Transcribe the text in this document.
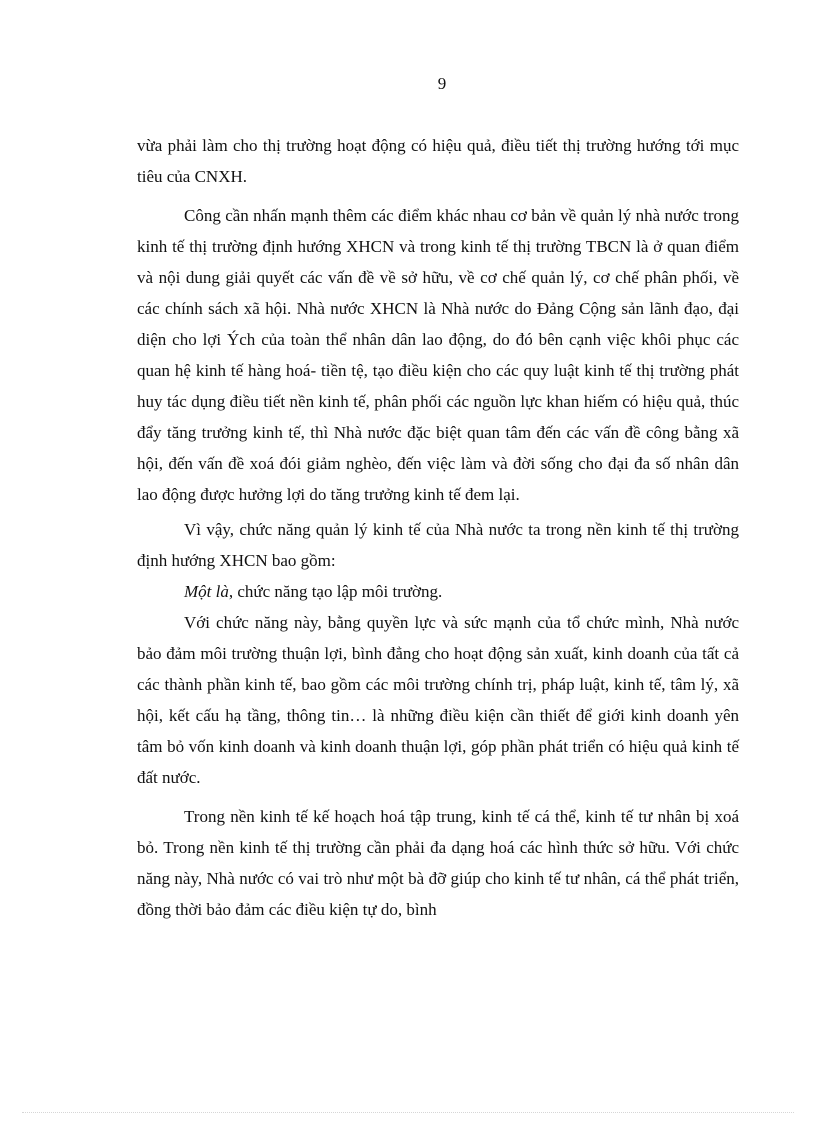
9

vừa phải làm cho thị trường hoạt động có hiệu quả, điều tiết thị trường hướng tới mục tiêu của CNXH.

Công cần nhấn mạnh thêm các điểm khác nhau cơ bản về quản lý nhà nước trong kinh tế thị trường định hướng XHCN và trong kinh tế thị trường TBCN là ở quan điểm và nội dung giải quyết các vấn đề về sở hữu, về cơ chế quản lý, cơ chế phân phối, về các chính sách xã hội. Nhà nước XHCN là Nhà nước do Đảng Cộng sản lãnh đạo, đại diện cho lợi Ých của toàn thể nhân dân lao động, do đó bên cạnh việc khôi phục các quan hệ kinh tế hàng hoá- tiền tệ, tạo điều kiện cho các quy luật kinh tế thị trường phát huy tác dụng điều tiết nền kinh tế, phân phối các nguồn lực khan hiếm có hiệu quả, thúc đẩy tăng trưởng kinh tế, thì Nhà nước đặc biệt quan tâm đến các vấn đề công bằng xã hội, đến vấn đề xoá đói giảm nghèo, đến việc làm và đời sống cho đại đa số nhân dân lao động được hưởng lợi do tăng trưởng kinh tế đem lại.

Vì vậy, chức năng quản lý kinh tế của Nhà nước ta trong nền kinh tế thị trường định hướng XHCN bao gồm:

Một là, chức năng tạo lập môi trường.

Với chức năng này, bằng quyền lực và sức mạnh của tổ chức mình, Nhà nước bảo đảm môi trường thuận lợi, bình đẳng cho hoạt động sản xuất, kinh doanh của tất cả các thành phần kinh tế, bao gồm các môi trường chính trị, pháp luật, kinh tế, tâm lý, xã hội, kết cấu hạ tầng, thông tin… là những điều kiện cần thiết để giới kinh doanh yên tâm bỏ vốn kinh doanh và kinh doanh thuận lợi, góp phần phát triển có hiệu quả kinh tế đất nước.

Trong nền kinh tế kế hoạch hoá tập trung, kinh tế cá thể, kinh tế tư nhân bị xoá bỏ. Trong nền kinh tế thị trường cần phải đa dạng hoá các hình thức sở hữu. Với chức năng này, Nhà nước có vai trò như một bà đỡ giúp cho kinh tế tư nhân, cá thể phát triển, đồng thời bảo đảm các điều kiện tự do, bình
